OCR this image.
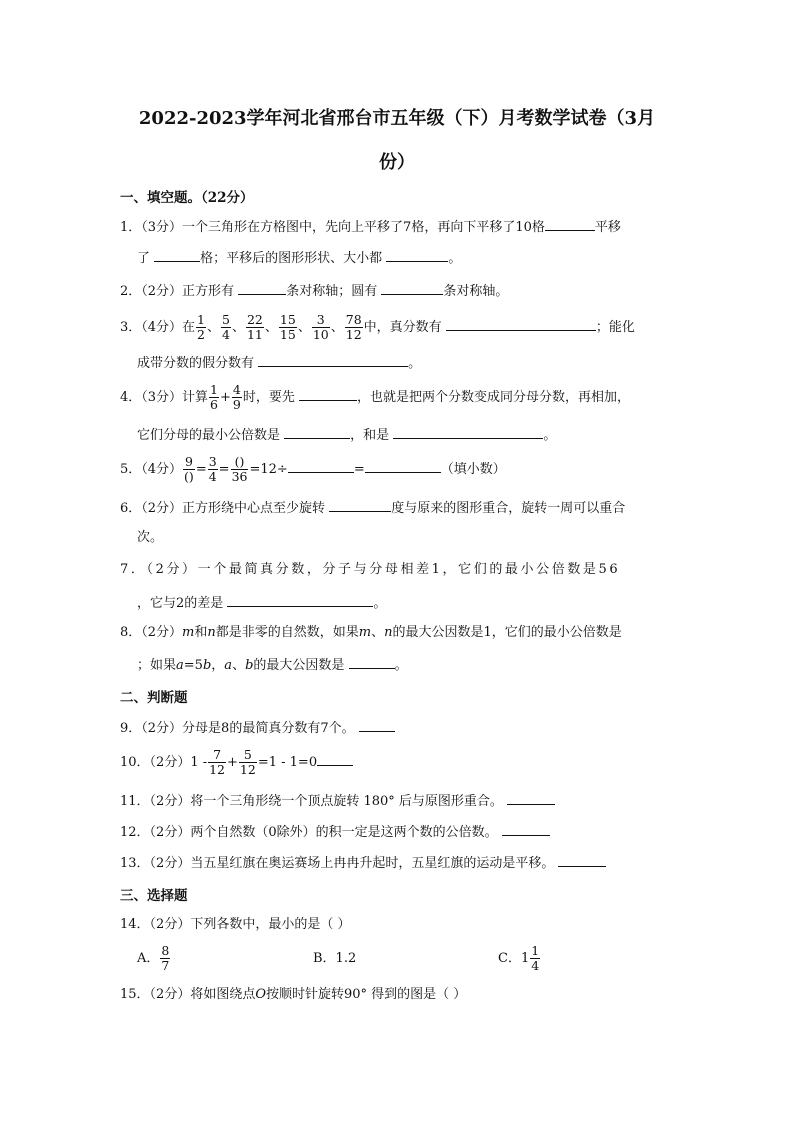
2022-2023学年河北省邢台市五年级（下）月考数学试卷（3月
份）
一、填空题。（22分）
1．（3分）一个三角形在方格图中，先向上平移了7格，再向下平移了10格	平移
了	格；平移后的图形形状、大小都	。
2．（2分）正方形有	条对称轴；圆有	条对称轴。
3．（4分）在 $\frac{1}{2}$ 、 $\frac{5}{4}$ 、 $\frac{22}{11}$ 、 $\frac{15}{15}$ 、 $\frac{3}{10}$ 、 $\frac{78}{12}$ 中，真分数有	；能化
成带分数的假分数有	。
4．（3分）计算 $\frac{1}{6} + \frac{4}{9}$ 时，要先	，也就是把两个分数变成同分母分数，再相加，
它们分母的最小公倍数是	，和是	。
5．（4分） $\frac{9}{()} = \frac{3}{4} = \frac{()}{36} =12\div$	=	（填小数）
6．（2分）正方形绕中心点至少旋转	度与原来的图形重合，旋转一周可以重合
次。
7．（2分）一个最简真分数，分子与分母相差1，它们的最小公倍数是56
，它与2的差是	。
8．（2分）m和n都是非零的自然数，如果m、n的最大公因数是1，它们的最小公倍数是
；如果a=5b，a、b的最大公因数是	。
二、判断题
9．（2分）分母是8的最简真分数有7个。
10．（2分）$1 - \frac{7}{12} + \frac{5}{12} =1 - 1=0$
11．（2分）将一个三角形绕一个顶点旋转 180° 后与原图形重合。
12．（2分）两个自然数（0除外）的积一定是这两个数的公倍数。
13．（2分）当五星红旗在奥运赛场上冉冉升起时，五星红旗的运动是平移。
三、选择题
14．（2分）下列各数中，最小的是（ ）
A． $\frac{8}{7}$	B．1.2	C．$1 \frac{1}{4}$
15．（2分）将如图绕点O按顺时针旋转90° 得到的图是（ ）
